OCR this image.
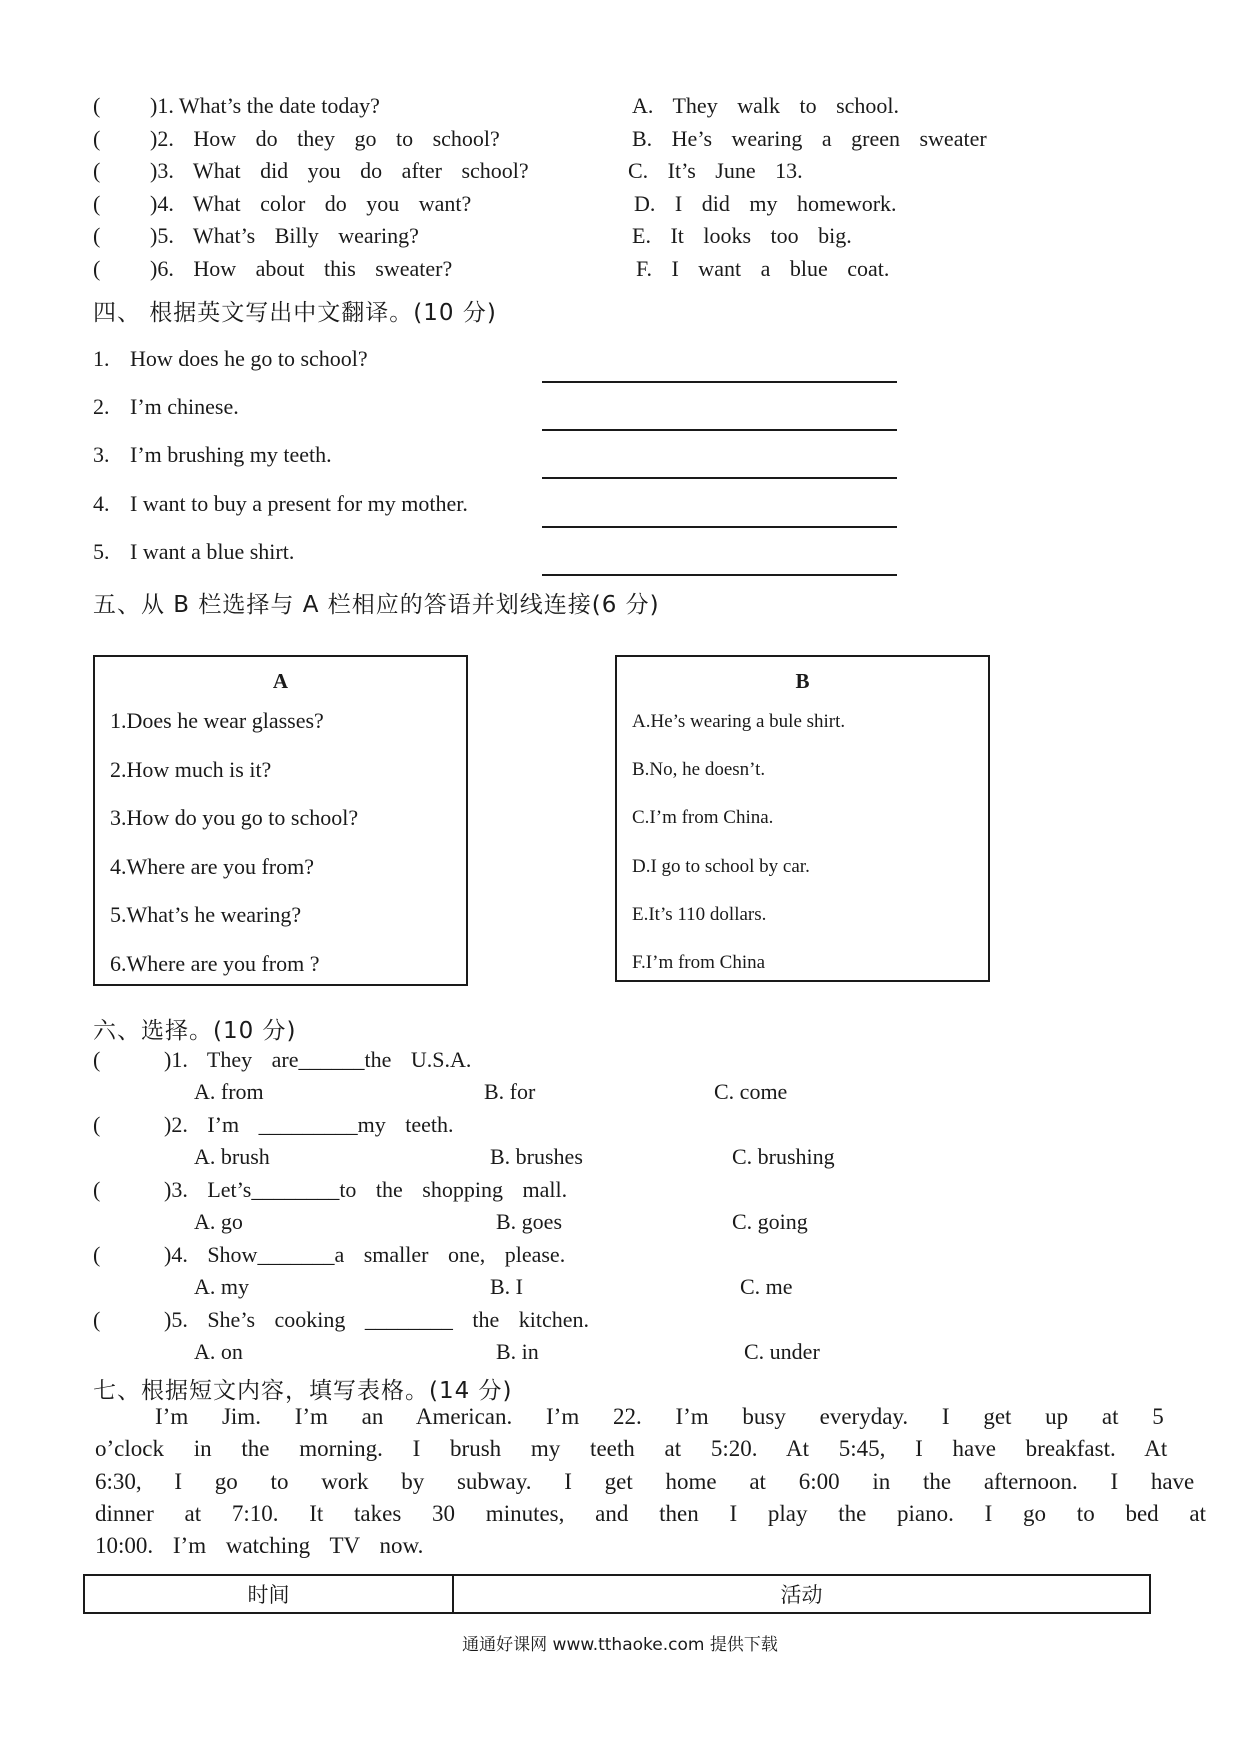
( )1. What’s the date today?	A. They walk to school.
( )2. How do they go to school?	B. He’s wearing a green sweater
( )3. What did you do after school?	C. It’s June 13.
( )4. What color do you want?	D. I did my homework.
( )5. What’s Billy wearing?	E. It looks too big.
( )6. How about this sweater?	F. I want a blue coat.
四、 根据英文写出中文翻译。(10 分)
1. How does he go to school?
2. I’m chinese.
3. I’m brushing my teeth.
4. I want to buy a present for my mother.
5. I want a blue shirt.
五、从 B 栏选择与 A 栏相应的答语并划线连接(6 分)
A
1.Does he wear glasses?
2.How much is it?
3.How do you go to school?
4.Where are you from?
5.What’s he wearing?
6.Where are you from ?
B
A.He’s wearing a bule shirt.
B.No, he doesn’t.
C.I’m from China.
D.I go to school by car.
E.It’s 110 dollars.
F.I’m from China
六、选择。(10 分)
(	)1. They are______the U.S.A.
A. from	B. for	C. come
(	)2. I’m _________my teeth.
A. brush	B. brushes	C. brushing
(	)3. Let’s________to the shopping mall.
A. go	B. goes	C. going
(	)4. Show_______a smaller one, please.
A. my	B. I	C. me
(	)5. She’s cooking ________ the kitchen.
A. on	B. in	C. under
七、根据短文内容，填写表格。(14 分)
I’m Jim. I’m an American. I’m 22. I’m busy everyday. I get up at 5
o’clock in the morning. I brush my teeth at 5:20. At 5:45, I have breakfast. At
6:30, I go to work by subway. I get home at 6:00 in the afternoon. I have
dinner at 7:10. It takes 30 minutes, and then I play the piano. I go to bed at
10:00. I’m watching TV now.
时间	活动
通通好课网 www.tthaoke.com 提供下载
